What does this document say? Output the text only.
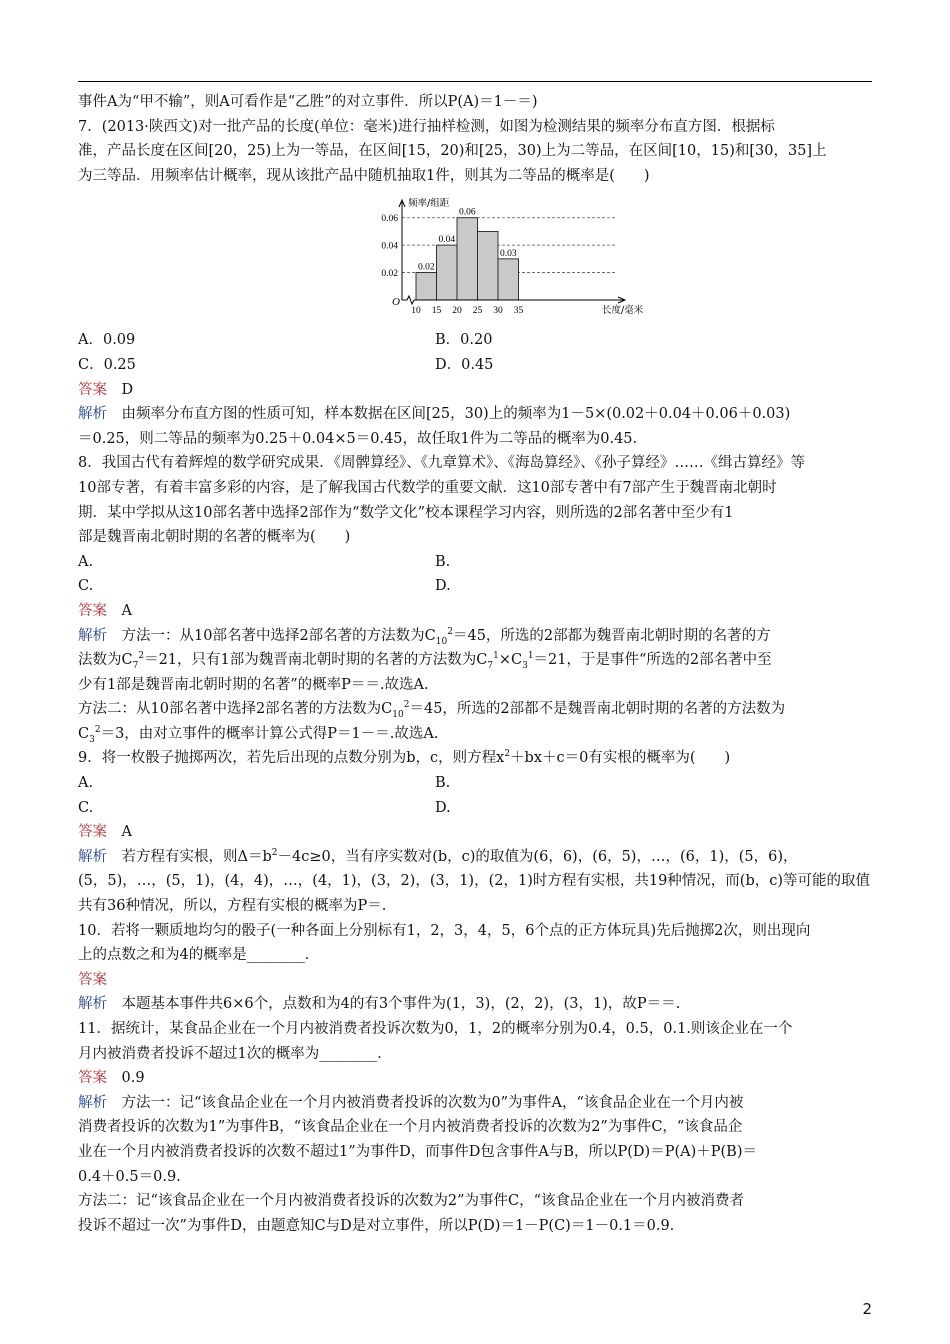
事件A为“甲不输”，则A可看作是“乙胜”的对立事件．所以P(A)＝1－＝)

7．(2013·陕西文)对一批产品的长度(单位：毫米)进行抽样检测，如图为检测结果的频率分布直方图．根据标

准，产品长度在区间[20，25)上为一等品，在区间[15，20)和[25，30)上为二等品，在区间[10，15)和[30，35]上

为三等品．用频率估计概率，现从该批产品中随机抽取1件，则其为二等品的概率是(　　)

0.02
0.04
0.06
0.02
0.04
0.06
0.03
10 15 20 25 30 35
O
频率/组距
长度/毫米
A．0.09	B．0.20
C．0.25	D．0.45

答案　 D

解析　 由频率分布直方图的性质可知，样本数据在区间[25，30)上的频率为1－5×(0.02＋0.04＋0.06＋0.03)

＝0.25，则二等品的频率为0.25＋0.04×5＝0.45，故任取1件为二等品的概率为0.45.

8．我国古代有着辉煌的数学研究成果．《周髀算经》、《九章算术》、《海岛算经》、《孙子算经》……《缉古算经》等

10部专著，有着丰富多彩的内容，是了解我国古代数学的重要文献．这10部专著中有7部产生于魏晋南北朝时

期．某中学拟从这10部名著中选择2部作为“数学文化”校本课程学习内容，则所选的2部名著中至少有1

部是魏晋南北朝时期的名著的概率为(　　)

A.	B.
C.	D.

答案　 A

解析　 方法一：从10部名著中选择2部名著的方法数为$C_{10}^2=45$，所选的2部都为魏晋南北朝时期的名著的方

法数为$C_7^2=21$，只有1部为魏晋南北朝时期的名著的方法数为$C_7^1\times C_3^1=21$，于是事件“所选的2部名著中至

少有1部是魏晋南北朝时期的名著”的概率P＝＝.故选A.

方法二：从10部名著中选择2部名著的方法数为$C_{10}^2=45$，所选的2部都不是魏晋南北朝时期的名著的方法数为

$C_3^2=3$，由对立事件的概率计算公式得P＝1－＝.故选A.

9．将一枚骰子抛掷两次，若先后出现的点数分别为b，c，则方程$x^2+bx+c=0$有实根的概率为(　　)

A.	B.
C.	D.

答案　 A

解析　 若方程有实根，则$\Delta=b^2-4c\ge 0$，当有序实数对(b，c)的取值为(6，6)，(6，5)，…，(6，1)，(5，6)，

(5，5)，…，(5，1)，(4，4)，…，(4，1)，(3，2)，(3，1)，(2，1)时方程有实根，共19种情况，而(b，c)等可能的取值

共有36种情况，所以，方程有实根的概率为P＝.

10．若将一颗质地均匀的骰子(一种各面上分别标有1，2，3，4，5，6个点的正方体玩具)先后抛掷2次，则出现向

上的点数之和为4的概率是________．

答案

解析　 本题基本事件共6×6个，点数和为4的有3个事件为(1，3)，(2，2)，(3，1)，故P＝＝.

11．据统计，某食品企业在一个月内被消费者投诉次数为0，1，2的概率分别为0.4，0.5，0.1.则该企业在一个

月内被消费者投诉不超过1次的概率为________．

答案　 0.9

解析　 方法一：记“该食品企业在一个月内被消费者投诉的次数为0”为事件A，“该食品企业在一个月内被

消费者投诉的次数为1”为事件B，“该食品企业在一个月内被消费者投诉的次数为2”为事件C，“该食品企

业在一个月内被消费者投诉的次数不超过1”为事件D，而事件D包含事件A与B，所以P(D)＝P(A)＋P(B)＝

0.4＋0.5＝0.9.

方法二：记“该食品企业在一个月内被消费者投诉的次数为2”为事件C，“该食品企业在一个月内被消费者

投诉不超过一次”为事件D，由题意知C与D是对立事件，所以P(D)＝1－P(C)＝1－0.1＝0.9.

2
